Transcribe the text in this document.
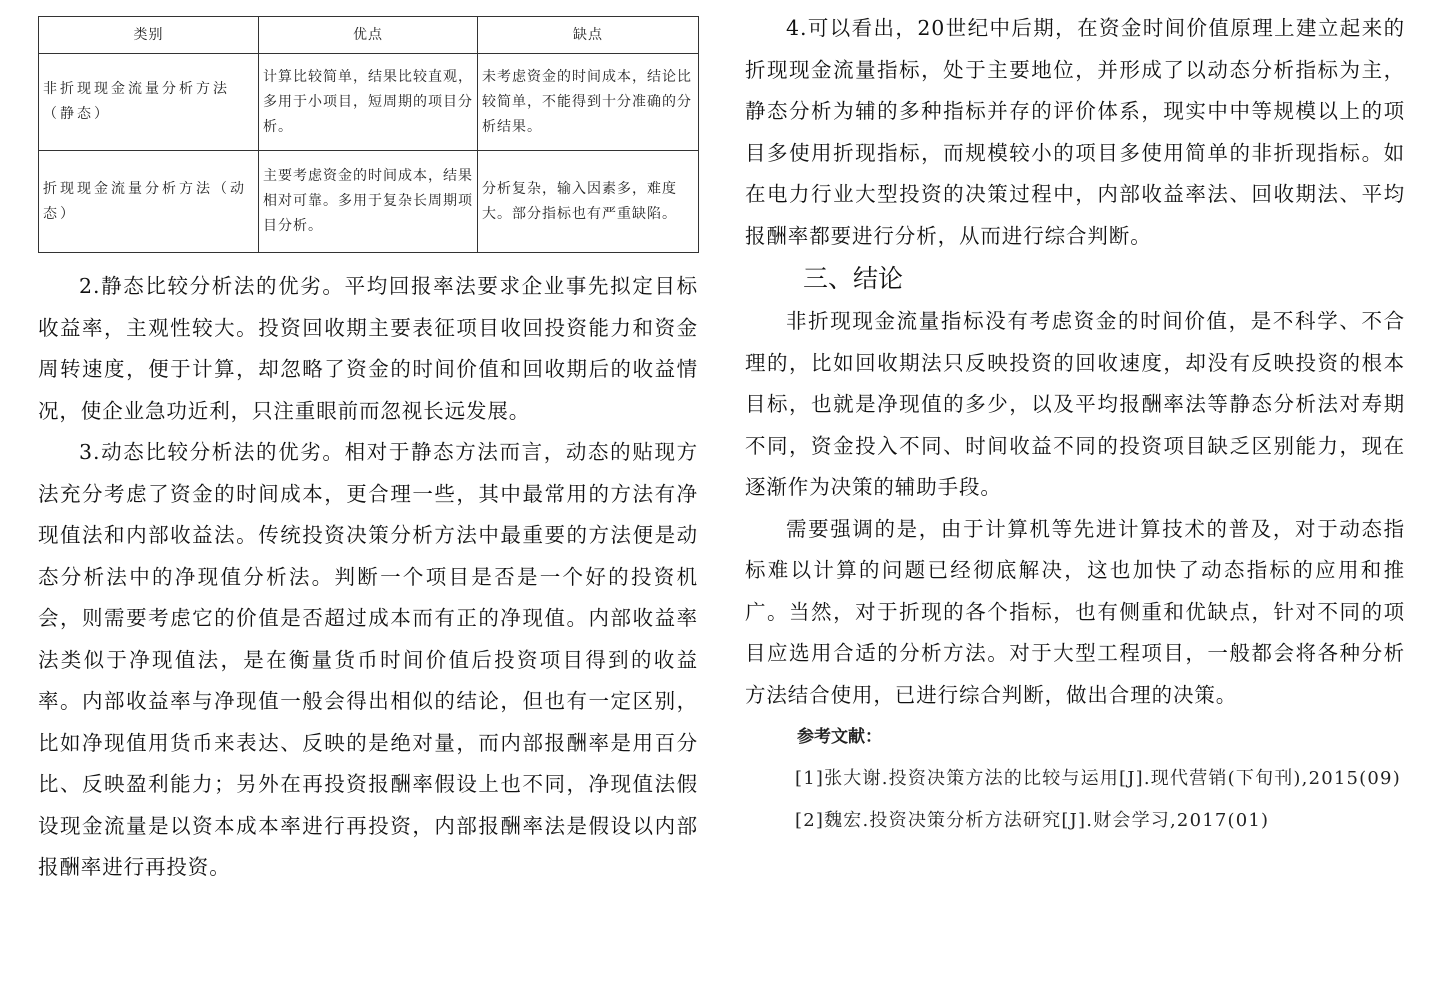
类别	优点	缺点
非折现现金流量分析方法（静态）	计算比较简单，结果比较直观，多用于小项目，短周期的项目分析。	未考虑资金的时间成本，结论比较简单，不能得到十分准确的分析结果。
折现现金流量分析方法（动态）	主要考虑资金的时间成本，结果相对可靠。多用于复杂长周期项目分析。	分析复杂，输入因素多，难度大。部分指标也有严重缺陷。

2.静态比较分析法的优劣。平均回报率法要求企业事先拟定目标收益率，主观性较大。投资回收期主要表征项目收回投资能力和资金周转速度，便于计算，却忽略了资金的时间价值和回收期后的收益情况，使企业急功近利，只注重眼前而忽视长远发展。

3.动态比较分析法的优劣。相对于静态方法而言，动态的贴现方法充分考虑了资金的时间成本，更合理一些，其中最常用的方法有净现值法和内部收益法。传统投资决策分析方法中最重要的方法便是动态分析法中的净现值分析法。判断一个项目是否是一个好的投资机会，则需要考虑它的价值是否超过成本而有正的净现值。内部收益率法类似于净现值法，是在衡量货币时间价值后投资项目得到的收益率。内部收益率与净现值一般会得出相似的结论，但也有一定区别，比如净现值用货币来表达、反映的是绝对量，而内部报酬率是用百分比、反映盈利能力；另外在再投资报酬率假设上也不同，净现值法假设现金流量是以资本成本率进行再投资，内部报酬率法是假设以内部报酬率进行再投资。

4.可以看出，20世纪中后期，在资金时间价值原理上建立起来的折现现金流量指标，处于主要地位，并形成了以动态分析指标为主，静态分析为辅的多种指标并存的评价体系，现实中中等规模以上的项目多使用折现指标，而规模较小的项目多使用简单的非折现指标。如在电力行业大型投资的决策过程中，内部收益率法、回收期法、平均报酬率都要进行分析，从而进行综合判断。

三、结论

非折现现金流量指标没有考虑资金的时间价值，是不科学、不合理的，比如回收期法只反映投资的回收速度，却没有反映投资的根本目标，也就是净现值的多少，以及平均报酬率法等静态分析法对寿期不同，资金投入不同、时间收益不同的投资项目缺乏区别能力，现在逐渐作为决策的辅助手段。

需要强调的是，由于计算机等先进计算技术的普及，对于动态指标难以计算的问题已经彻底解决，这也加快了动态指标的应用和推广。当然，对于折现的各个指标，也有侧重和优缺点，针对不同的项目应选用合适的分析方法。对于大型工程项目，一般都会将各种分析方法结合使用，已进行综合判断，做出合理的决策。

参考文献：

[1]张大谢.投资决策方法的比较与运用[J].现代营销(下旬刊),2015(09)

[2]魏宏.投资决策分析方法研究[J].财会学习,2017(01)
